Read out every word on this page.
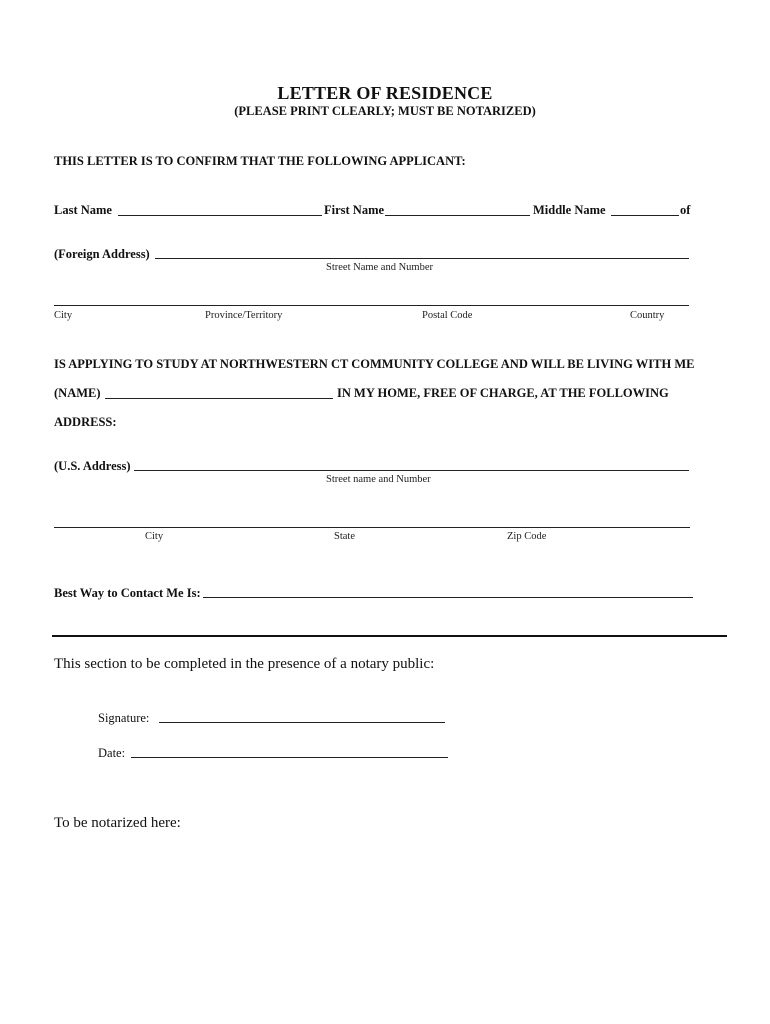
LETTER OF RESIDENCE
(PLEASE PRINT CLEARLY; MUST BE NOTARIZED)
THIS LETTER IS TO CONFIRM THAT THE FOLLOWING APPLICANT:
Last Name	First Name	Middle Name	of
(Foreign Address)
Street Name and Number
City	Province/Territory	Postal Code	Country
IS APPLYING TO STUDY AT NORTHWESTERN CT COMMUNITY COLLEGE AND WILL BE LIVING WITH ME
(NAME)	IN MY HOME, FREE OF CHARGE, AT THE FOLLOWING
ADDRESS:
(U.S. Address)
Street name and Number
City	State	Zip Code
Best Way to Contact Me Is:
This section to be completed in the presence of a notary public:
Signature:
Date:
To be notarized here:
